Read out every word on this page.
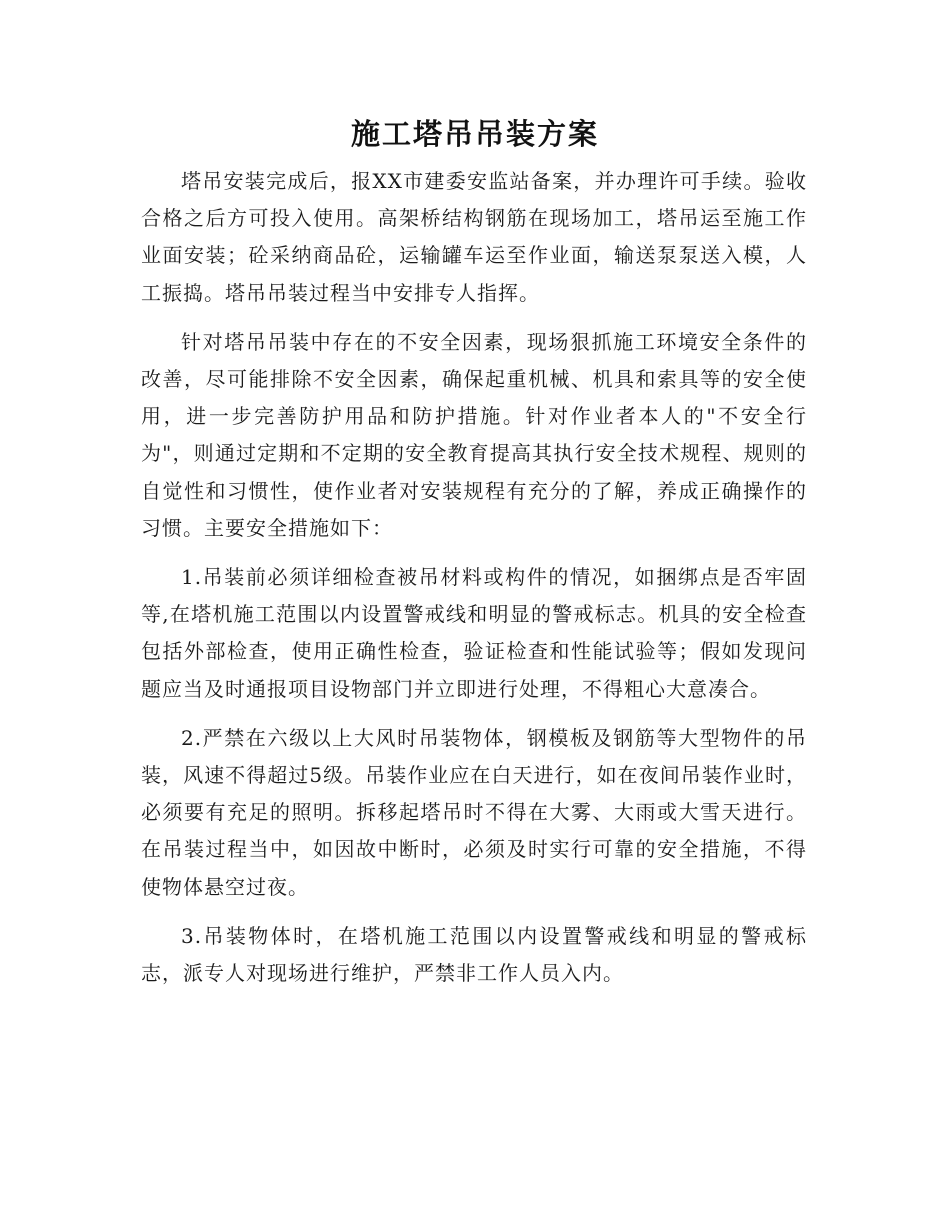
施工塔吊吊装方案

塔吊安装完成后，报XX市建委安监站备案，并办理许可手续。验收合格之后方可投入使用。高架桥结构钢筋在现场加工，塔吊运至施工作业面安装；砼采纳商品砼，运输罐车运至作业面，输送泵泵送入模，人工振捣。塔吊吊装过程当中安排专人指挥。

针对塔吊吊装中存在的不安全因素，现场狠抓施工环境安全条件的改善，尽可能排除不安全因素，确保起重机械、机具和索具等的安全使用，进一步完善防护用品和防护措施。针对作业者本人的"不安全行为"，则通过定期和不定期的安全教育提高其执行安全技术规程、规则的自觉性和习惯性，使作业者对安装规程有充分的了解，养成正确操作的习惯。主要安全措施如下：

1.吊装前必须详细检查被吊材料或构件的情况，如捆绑点是否牢固等,在塔机施工范围以内设置警戒线和明显的警戒标志。机具的安全检查包括外部检查，使用正确性检查，验证检查和性能试验等；假如发现问题应当及时通报项目设物部门并立即进行处理，不得粗心大意凑合。

2.严禁在六级以上大风时吊装物体，钢模板及钢筋等大型物件的吊装，风速不得超过5级。吊装作业应在白天进行，如在夜间吊装作业时，必须要有充足的照明。拆移起塔吊时不得在大雾、大雨或大雪天进行。在吊装过程当中，如因故中断时，必须及时实行可靠的安全措施，不得使物体悬空过夜。

3.吊装物体时，在塔机施工范围以内设置警戒线和明显的警戒标志，派专人对现场进行维护，严禁非工作人员入内。
